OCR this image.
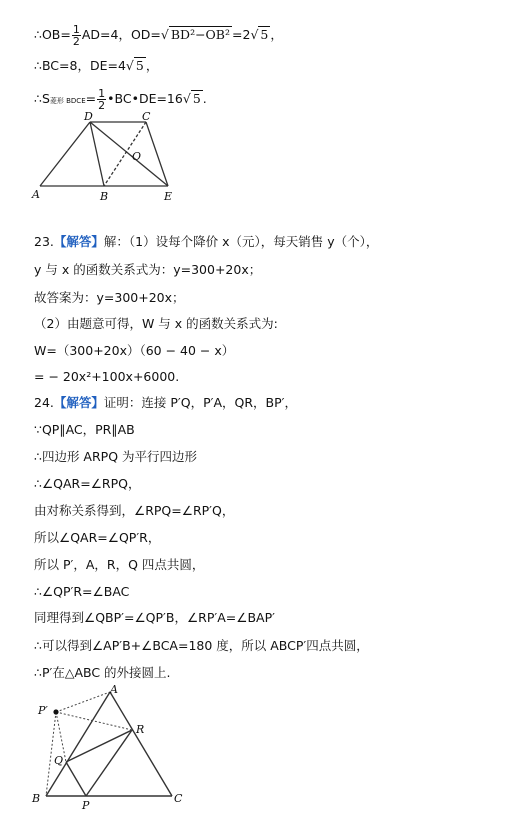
∴OB= $\frac{1}{2} AD=4$，OD=√ BD²−OB² =2√ 5 ，
∴BC=8，DE=4√ 5 ，
∴S菱形 BDCE= $\frac{1}{2}$ •BC•DE=16√ 5 .
A	B
C
D
E
O
23.【解答】解：（1）设每个降价 x（元），每天销售 y（个），
y 与 x 的函数关系式为：y=300+20x；
故答案为：y=300+20x；
（2）由题意可得，W 与 x 的函数关系式为:
W=（300+20x）（60 − 40 − x）
= − 20x²+100x+6000.
24.【解答】证明：连接 P′Q，P′A，QR，BP′，
∵QP∥AC，PR∥AB
∴四边形 ARPQ 为平行四边形
∴∠QAR=∠RPQ，
由对称关系得到，∠RPQ=∠RP′Q，
所以∠QAR=∠QP′R，
所以 P′，A，R，Q 四点共圆，
∴∠QP′R=∠BAC
同理得到∠QBP′=∠QP′B，∠RP′A=∠BAP′
∴可以得到∠AP′B+∠BCA=180 度，所以 ABCP′四点共圆，
∴P′在△ABC 的外接圆上.
P′
A
R
Q
B
P
C
